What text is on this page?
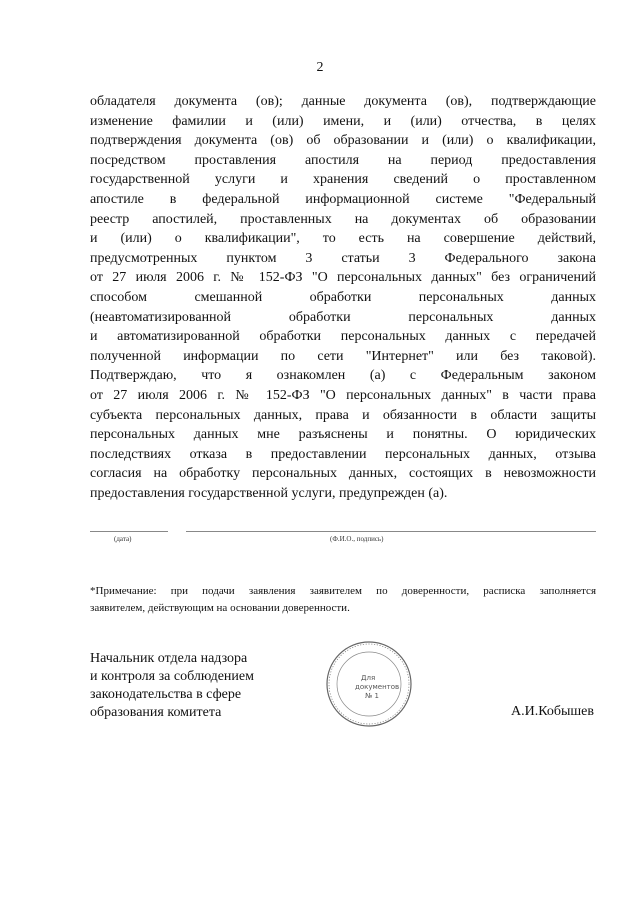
2
обладателя документа (ов); данные документа (ов), подтверждающие
изменение фамилии и (или) имени, и (или) отчества, в целях
подтверждения документа (ов) об образовании и (или) о квалификации,
посредством проставления апостиля на период предоставления
государственной услуги и хранения сведений о проставленном
апостиле в федеральной информационной системе "Федеральный
реестр апостилей, проставленных на документах об образовании
и (или) о квалификации", то есть на совершение действий,
предусмотренных пунктом 3 статьи 3 Федерального закона
от 27 июля 2006 г. № 152-ФЗ "О персональных данных" без ограничений
способом смешанной обработки персональных данных
(неавтоматизированной обработки персональных данных
и автоматизированной обработки персональных данных с передачей
полученной информации по сети "Интернет" или без таковой).
Подтверждаю, что я ознакомлен (а) с Федеральным законом
от 27 июля 2006 г. № 152-ФЗ "О персональных данных" в части права
субъекта персональных данных, права и обязанности в области защиты
персональных данных мне разъяснены и понятны. О юридических
последствиях отказа в предоставлении персональных данных, отзыва
согласия на обработку персональных данных, состоящих в невозможности
предоставления государственной услуги, предупрежден (а).
(дата)	(Ф.И.О., подпись)
*Примечание: при подачи заявления заявителем по доверенности, расписка заполняется
заявителем, действующим на основании доверенности.
Начальник отдела надзора
и контроля за соблюдением
законодательства в сфере
образования комитета
Для
документов
№ 1
А.И.Кобышев
